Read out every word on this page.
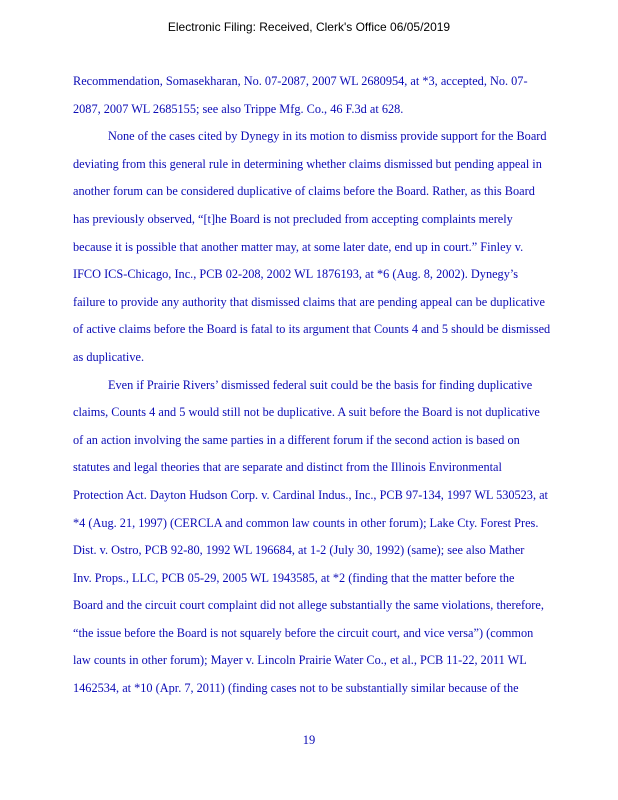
Electronic Filing: Received, Clerk's Office 06/05/2019
Recommendation, Somasekharan, No. 07-2087, 2007 WL 2680954, at *3, accepted, No. 07-
2087, 2007 WL 2685155; see also Trippe Mfg. Co., 46 F.3d at 628.
None of the cases cited by Dynegy in its motion to dismiss provide support for the Board
deviating from this general rule in determining whether claims dismissed but pending appeal in
another forum can be considered duplicative of claims before the Board. Rather, as this Board
has previously observed, “[t]he Board is not precluded from accepting complaints merely
because it is possible that another matter may, at some later date, end up in court.” Finley v.
IFCO ICS-Chicago, Inc., PCB 02-208, 2002 WL 1876193, at *6 (Aug. 8, 2002). Dynegy’s
failure to provide any authority that dismissed claims that are pending appeal can be duplicative
of active claims before the Board is fatal to its argument that Counts 4 and 5 should be dismissed
as duplicative.
Even if Prairie Rivers’ dismissed federal suit could be the basis for finding duplicative
claims, Counts 4 and 5 would still not be duplicative. A suit before the Board is not duplicative
of an action involving the same parties in a different forum if the second action is based on
statutes and legal theories that are separate and distinct from the Illinois Environmental
Protection Act. Dayton Hudson Corp. v. Cardinal Indus., Inc., PCB 97-134, 1997 WL 530523, at
*4 (Aug. 21, 1997) (CERCLA and common law counts in other forum); Lake Cty. Forest Pres.
Dist. v. Ostro, PCB 92-80, 1992 WL 196684, at 1-2 (July 30, 1992) (same); see also Mather
Inv. Props., LLC, PCB 05-29, 2005 WL 1943585, at *2 (finding that the matter before the
Board and the circuit court complaint did not allege substantially the same violations, therefore,
“the issue before the Board is not squarely before the circuit court, and vice versa”) (common
law counts in other forum); Mayer v. Lincoln Prairie Water Co., et al., PCB 11-22, 2011 WL
1462534, at *10 (Apr. 7, 2011) (finding cases not to be substantially similar because of the
19
